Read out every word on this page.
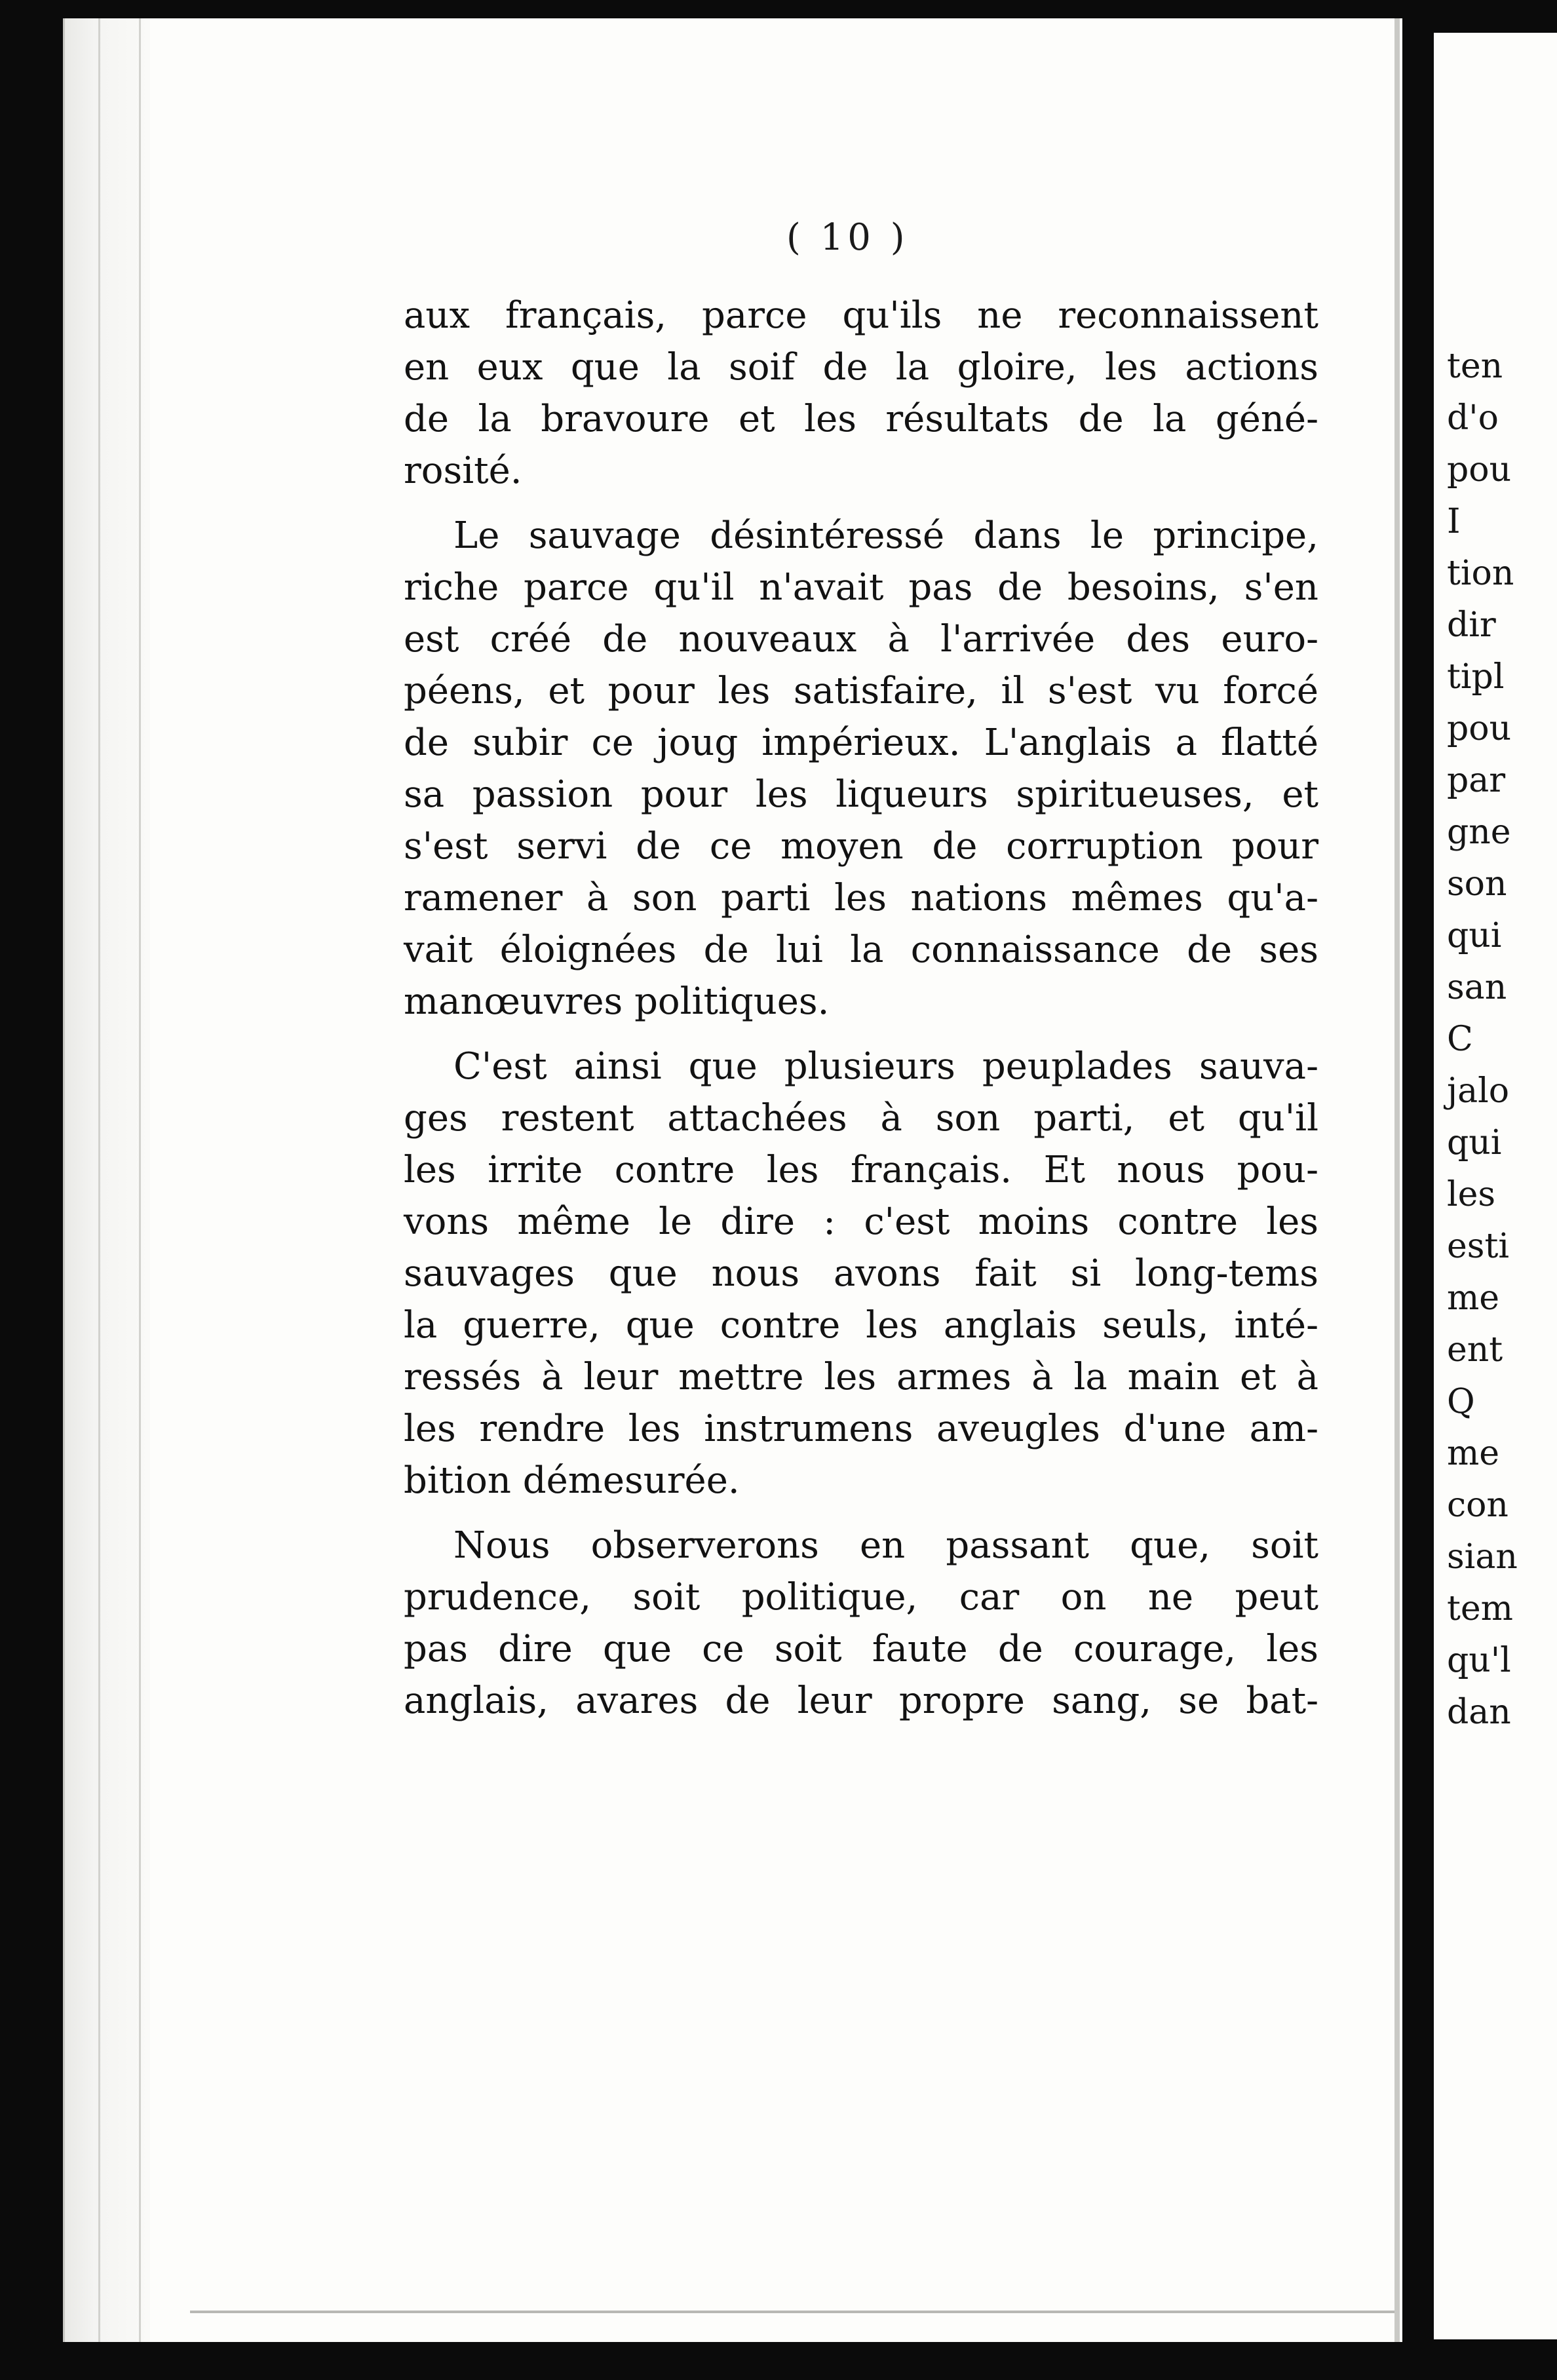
ten
d'o
pou
I
tion
dir
tipl
pou
par
gne
son
qui
san
C
jalo
qui
les
esti
me
ent
Q
me
con
sian
tem
qu'l
dan
( 10 )
aux français, parce qu'ils ne reconnaissent
en eux que la soif de la gloire, les actions
de la bravoure et les résultats de la géné-
rosité.
Le sauvage désintéressé dans le principe,
riche parce qu'il n'avait pas de besoins, s'en
est créé de nouveaux à l'arrivée des euro-
péens, et pour les satisfaire, il s'est vu forcé
de subir ce joug impérieux. L'anglais a flatté
sa passion pour les liqueurs spiritueuses, et
s'est servi de ce moyen de corruption pour
ramener à son parti les nations mêmes qu'a-
vait éloignées de lui la connaissance de ses
manœuvres politiques.
C'est ainsi que plusieurs peuplades sauva-
ges restent attachées à son parti, et qu'il
les irrite contre les français. Et nous pou-
vons même le dire : c'est moins contre les
sauvages que nous avons fait si long-tems
la guerre, que contre les anglais seuls, inté-
ressés à leur mettre les armes à la main et à
les rendre les instrumens aveugles d'une am-
bition démesurée.
Nous observerons en passant que, soit
prudence, soit politique, car on ne peut
pas dire que ce soit faute de courage, les
anglais, avares de leur propre sang, se bat-
